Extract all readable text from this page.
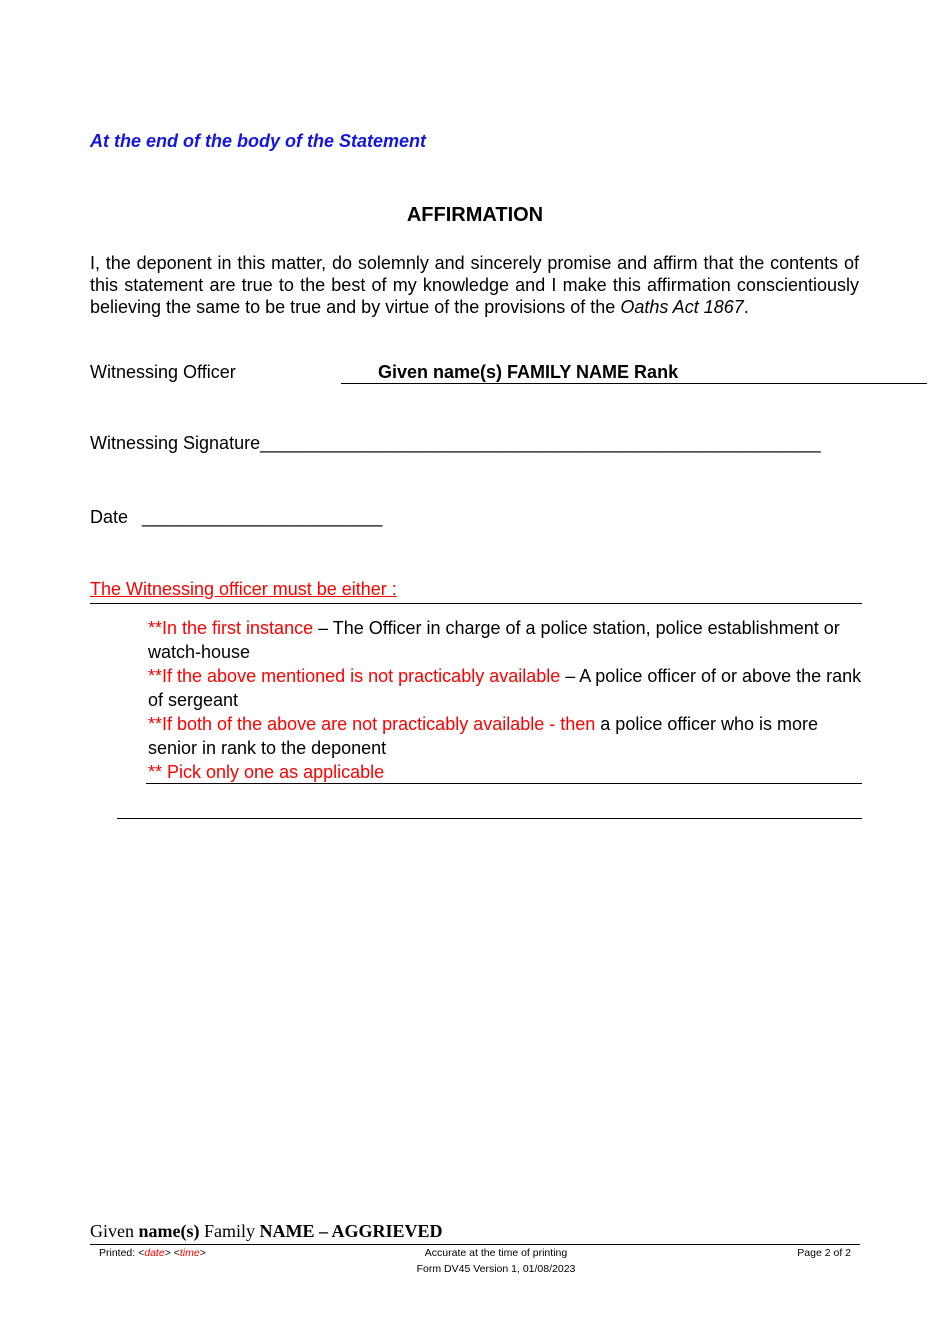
At the end of the body of the Statement
AFFIRMATION
I, the deponent in this matter, do solemnly and sincerely promise and affirm that the contents of this statement are true to the best of my knowledge and I make this affirmation conscientiously believing the same to be true and by virtue of the provisions of the Oaths Act 1867.
Witnessing Officer	Given name(s) FAMILY NAME Rank
Witnessing Signature________________________________________________________
Date ________________________
The Witnessing officer must be either :

**In the first instance – The Officer in charge of a police station, police establishment or watch-house

**If the above mentioned is not practicably available – A police officer of or above the rank of sergeant

**If both of the above are not practicably available - then a police officer who is more senior in rank to the deponent

** Pick only one as applicable

Given name(s) Family NAME – AGGRIEVED
Printed: <date> <time>	Accurate at the time of printing
Form DV45 Version 1, 01/08/2023
Page 2 of 2
